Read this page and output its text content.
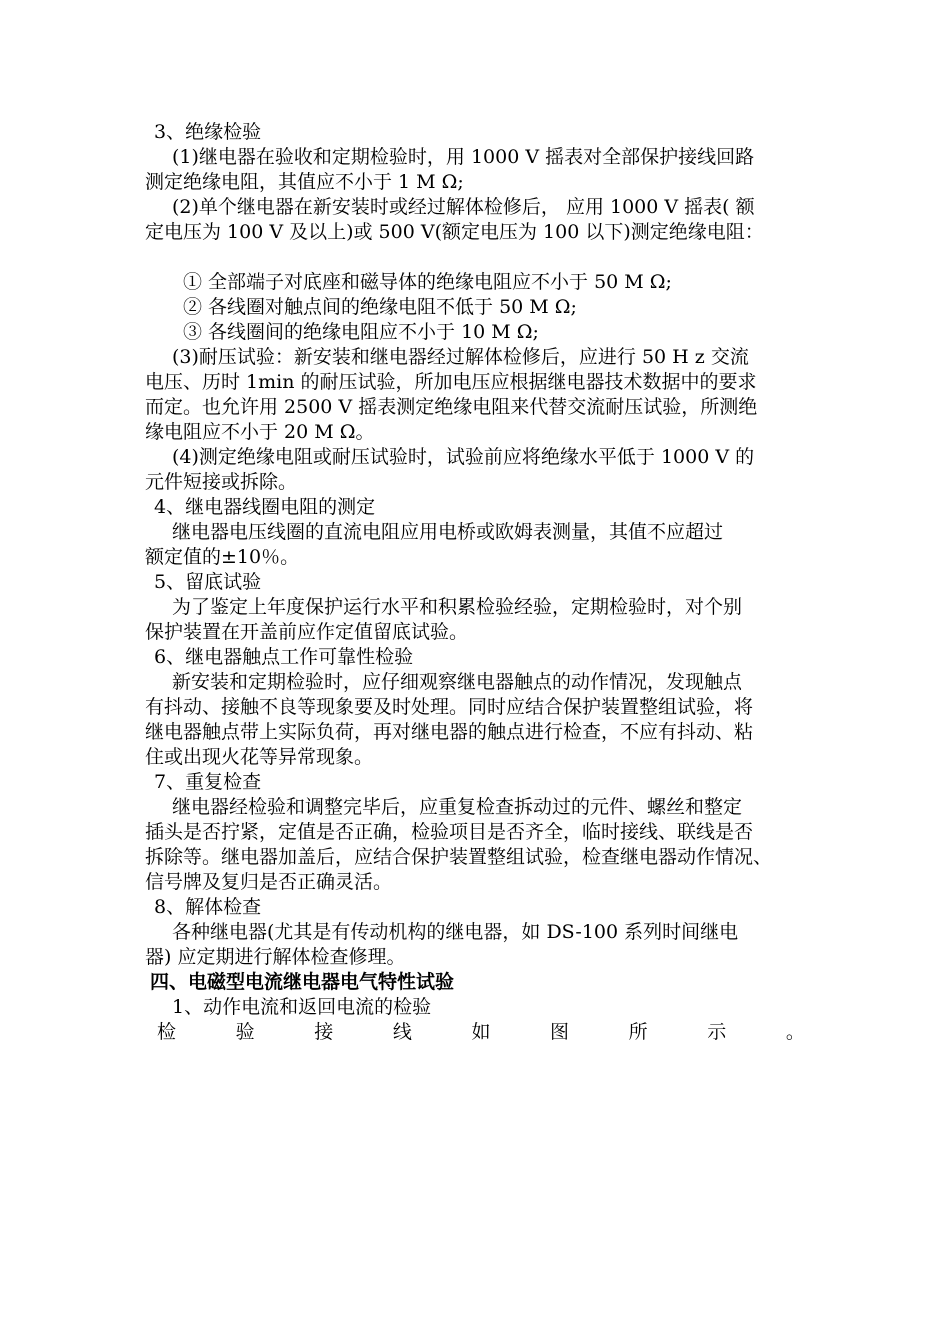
3、绝缘检验
(1)继电器在验收和定期检验时，用 1000 V 摇表对全部保护接线回路
测定绝缘电阻，其值应不小于 1 M Ω;
(2)单个继电器在新安装时或经过解体检修后， 应用 1000 V 摇表( 额
定电压为 100 V 及以上)或 500 V(额定电压为 100 以下)测定绝缘电阻：
① 全部端子对底座和磁导体的绝缘电阻应不小于 50 M Ω;
② 各线圈对触点间的绝缘电阻不低于 50 M Ω;
③ 各线圈间的绝缘电阻应不小于 10 M Ω;
(3)耐压试验：新安装和继电器经过解体检修后，应进行 50 H z 交流
电压、历时 1min 的耐压试验，所加电压应根据继电器技术数据中的要求
而定。也允许用 2500 V 摇表测定绝缘电阻来代替交流耐压试验，所测绝
缘电阻应不小于 20 M Ω。
(4)测定绝缘电阻或耐压试验时，试验前应将绝缘水平低于 1000 V 的
元件短接或拆除。
4、继电器线圈电阻的测定
继电器电压线圈的直流电阻应用电桥或欧姆表测量，其值不应超过
额定值的±10％。
5、留底试验
为了鉴定上年度保护运行水平和积累检验经验，定期检验时，对个别
保护装置在开盖前应作定值留底试验。
6、继电器触点工作可靠性检验
新安装和定期检验时，应仔细观察继电器触点的动作情况，发现触点
有抖动、接触不良等现象要及时处理。同时应结合保护装置整组试验，将
继电器触点带上实际负荷，再对继电器的触点进行检查，不应有抖动、粘
住或出现火花等异常现象。
7、重复检查
继电器经检验和调整完毕后，应重复检查拆动过的元件、螺丝和整定
插头是否拧紧，定值是否正确，检验项目是否齐全，临时接线、联线是否
拆除等。继电器加盖后，应结合保护装置整组试验，检查继电器动作情况、
信号牌及复归是否正确灵活。
8、解体检查
各种继电器(尤其是有传动机构的继电器，如 DS-100 系列时间继电
器) 应定期进行解体检查修理。
四、电磁型电流继电器电气特性试验
1、动作电流和返回电流的检验
检	验	接	线	如	图	所	示	。
